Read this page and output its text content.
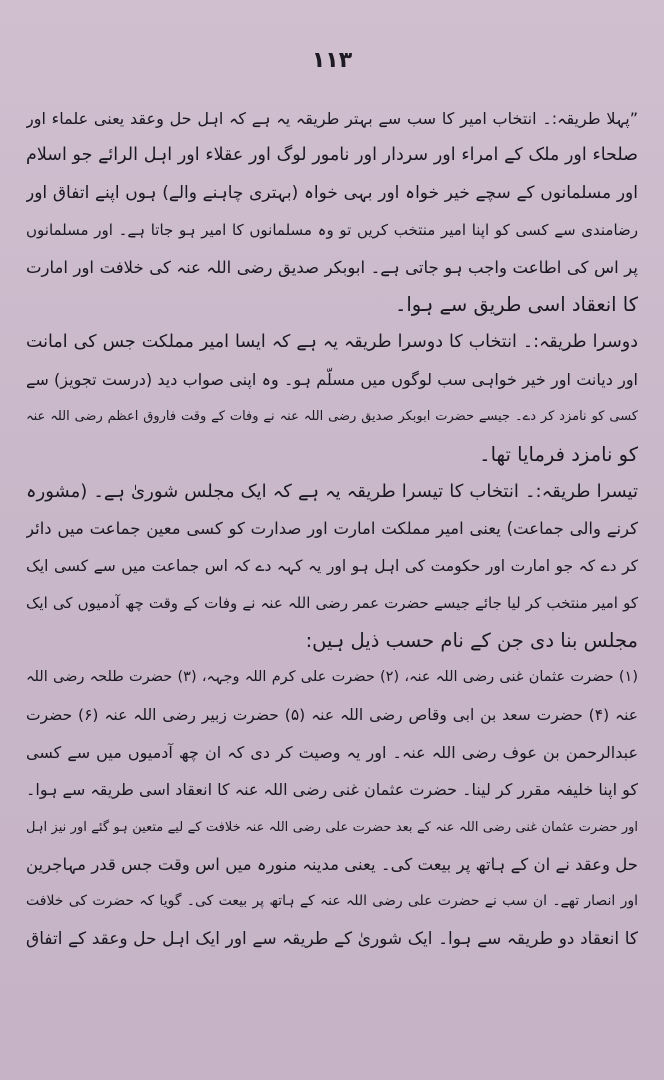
۱۱۳
”پہلا طریقہ:۔ انتخاب امیر کا سب سے بہتر طریقہ یہ ہے کہ اہل حل وعقد یعنی علماء اور
صلحاء اور ملک کے امراء اور سردار اور نامور لوگ اور عقلاء اور اہل الرائے جو اسلام
اور مسلمانوں کے سچے خیر خواہ اور بہی خواہ (بہتری چاہنے والے) ہوں اپنے اتفاق اور
رضامندی سے کسی کو اپنا امیر منتخب کریں تو وہ مسلمانوں کا امیر ہو جاتا ہے۔ اور مسلمانوں
پر اس کی اطاعت واجب ہو جاتی ہے۔ ابوبکر صدیق رضی اللہ عنہ کی خلافت اور امارت
کا انعقاد اسی طریق سے ہوا۔
دوسرا طریقہ:۔ انتخاب کا دوسرا طریقہ یہ ہے کہ ایسا امیر مملکت جس کی امانت
اور دیانت اور خیر خواہی سب لوگوں میں مسلّم ہو۔ وہ اپنی صواب دید (درست تجویز) سے
کسی کو نامزد کر دے۔ جیسے حضرت ابوبکر صدیق رضی اللہ عنہ نے وفات کے وقت فاروق اعظم رضی اللہ عنہ
کو نامزد فرمایا تھا۔
تیسرا طریقہ:۔ انتخاب کا تیسرا طریقہ یہ ہے کہ ایک مجلس شوریٰ ہے۔ (مشورہ
کرنے والی جماعت) یعنی امیر مملکت امارت اور صدارت کو کسی معین جماعت میں دائر
کر دے کہ جو امارت اور حکومت کی اہل ہو اور یہ کہہ دے کہ اس جماعت میں سے کسی ایک
کو امیر منتخب کر لیا جائے جیسے حضرت عمر رضی اللہ عنہ نے وفات کے وقت چھ آدمیوں کی ایک
مجلس بنا دی جن کے نام حسب ذیل ہیں:
(۱) حضرت عثمان غنی رضی اللہ عنہ، (۲) حضرت علی کرم اللہ وجہہ، (۳) حضرت طلحہ رضی اللہ
عنہ (۴) حضرت سعد بن ابی وقاص رضی اللہ عنہ (۵) حضرت زبیر رضی اللہ عنہ (۶) حضرت
عبدالرحمن بن عوف رضی اللہ عنہ۔ اور یہ وصیت کر دی کہ ان چھ آدمیوں میں سے کسی
کو اپنا خلیفہ مقرر کر لینا۔ حضرت عثمان غنی رضی اللہ عنہ کا انعقاد اسی طریقہ سے ہوا۔
اور حضرت عثمان غنی رضی اللہ عنہ کے بعد حضرت علی رضی اللہ عنہ خلافت کے لیے متعین ہو گئے اور نیز اہل
حل وعقد نے ان کے ہاتھ پر بیعت کی۔ یعنی مدینہ منورہ میں اس وقت جس قدر مہاجرین
اور انصار تھے۔ ان سب نے حضرت علی رضی اللہ عنہ کے ہاتھ پر بیعت کی۔ گویا کہ حضرت کی خلافت
کا انعقاد دو طریقہ سے ہوا۔ ایک شوریٰ کے طریقہ سے اور ایک اہل حل وعقد کے اتفاق
